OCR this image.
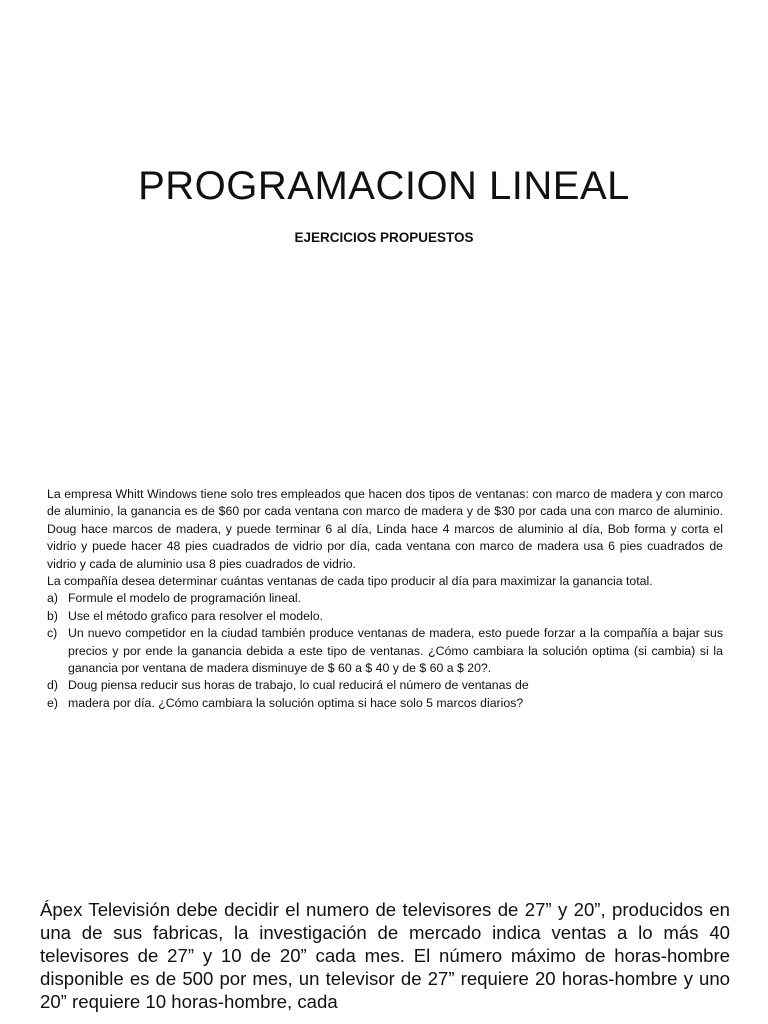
PROGRAMACION LINEAL
EJERCICIOS PROPUESTOS

La empresa Whitt Windows tiene solo tres empleados que hacen dos tipos de ventanas: con marco de madera y con marco de aluminio, la ganancia es de $60 por cada ventana con marco de madera y de $30 por cada una con marco de aluminio. Doug hace marcos de madera, y puede terminar 6 al día, Linda hace 4 marcos de aluminio al día, Bob forma y corta el vidrio y puede hacer 48 pies cuadrados de vidrio por día, cada ventana con marco de madera usa 6 pies cuadrados de vidrio y cada de aluminio usa 8 pies cuadrados de vidrio.

La compañía desea determinar cuántas ventanas de cada tipo producir al día para maximizar la ganancia total.

a) Formule el modelo de programación lineal.
b) Use el método grafico para resolver el modelo.
c) Un nuevo competidor en la ciudad también produce ventanas de madera, esto puede forzar a la compañía a bajar sus precios y por ende la ganancia debida a este tipo de ventanas. ¿Cómo cambiara la solución optima (si cambia) si la ganancia por ventana de madera disminuye de $ 60 a $ 40 y de $ 60 a $ 20?.
d) Doug piensa reducir sus horas de trabajo, lo cual reducirá el número de ventanas de
e) madera por día. ¿Cómo cambiara la solución optima si hace solo 5 marcos diarios?

Ápex Televisión debe decidir el numero de televisores de 27” y 20”, producidos en una de sus fabricas, la investigación de mercado indica ventas a lo más 40 televisores de 27” y 10 de 20” cada mes. El número máximo de horas-hombre disponible es de 500 por mes, un televisor de 27” requiere 20 horas-hombre y uno 20” requiere 10 horas-hombre, cada
